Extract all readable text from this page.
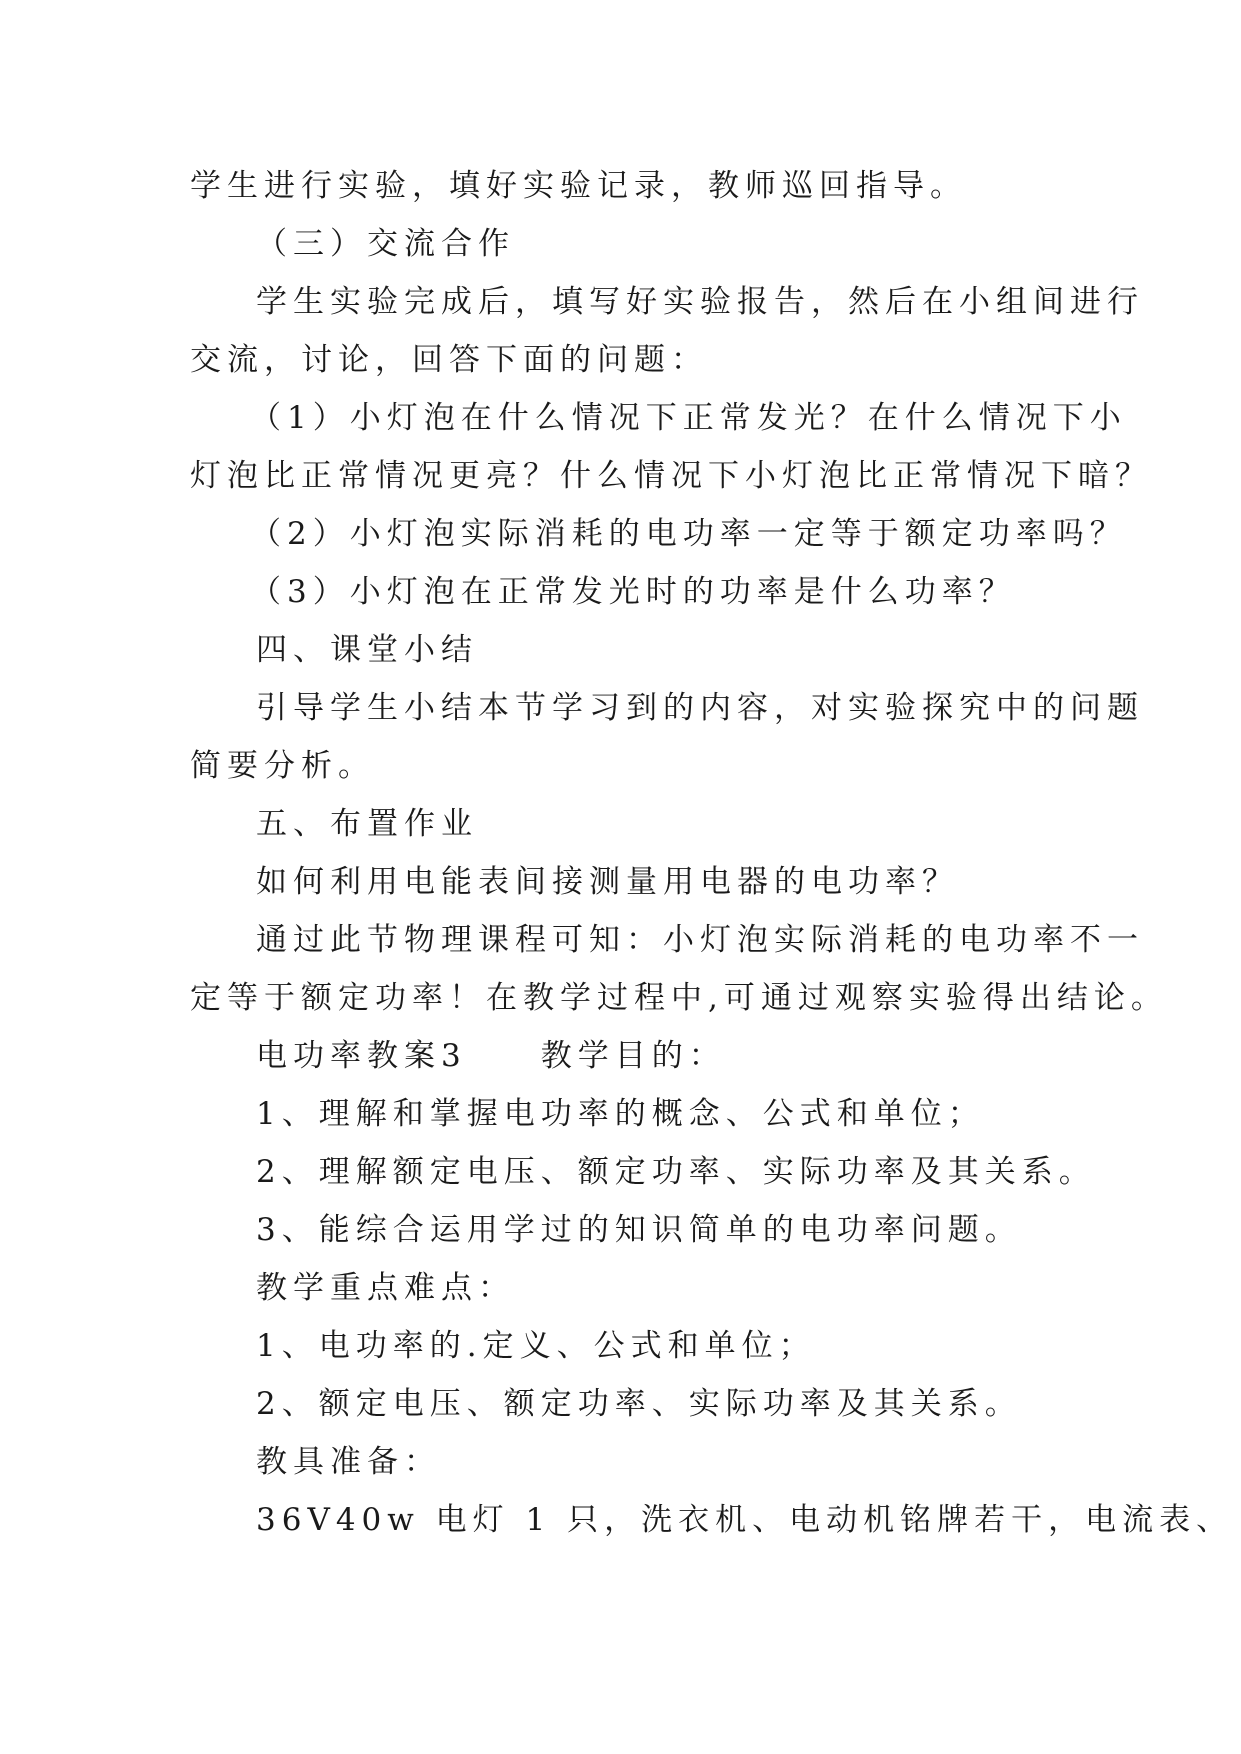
学生进行实验，填好实验记录，教师巡回指导。
（三）交流合作
学生实验完成后，填写好实验报告，然后在小组间进行
交流，讨论，回答下面的问题：
（1）小灯泡在什么情况下正常发光？在什么情况下小
灯泡比正常情况更亮？什么情况下小灯泡比正常情况下暗？
（2）小灯泡实际消耗的电功率一定等于额定功率吗？
（3）小灯泡在正常发光时的功率是什么功率？
四、课堂小结
引导学生小结本节学习到的内容，对实验探究中的问题
简要分析。
五、布置作业
如何利用电能表间接测量用电器的电功率？
通过此节物理课程可知：小灯泡实际消耗的电功率不一
定等于额定功率！在教学过程中,可通过观察实验得出结论。
电功率教案3　　教学目的：
1、理解和掌握电功率的概念、公式和单位；
2、理解额定电压、额定功率、实际功率及其关系。
3、能综合运用学过的知识简单的电功率问题。
教学重点难点：
1、电功率的.定义、公式和单位；
2、额定电压、额定功率、实际功率及其关系。
教具准备：
36V40w 电灯 1 只，洗衣机、电动机铭牌若干，电流表、
